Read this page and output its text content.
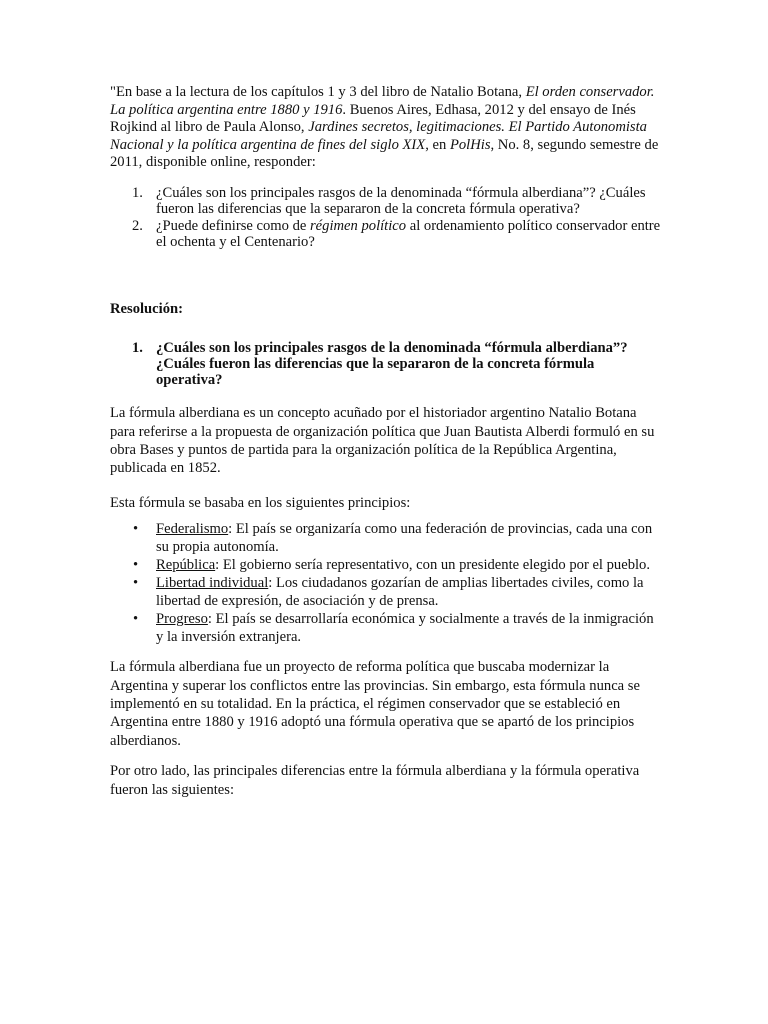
"En base a la lectura de los capítulos 1 y 3 del libro de Natalio Botana, El orden conservador. La política argentina entre 1880 y 1916. Buenos Aires, Edhasa, 2012 y del ensayo de Inés Rojkind al libro de Paula Alonso, Jardines secretos, legitimaciones. El Partido Autonomista Nacional y la política argentina de fines del siglo XIX, en PolHis, No. 8, segundo semestre de 2011, disponible online, responder:

1. ¿Cuáles son los principales rasgos de la denominada “fórmula alberdiana”? ¿Cuáles fueron las diferencias que la separaron de la concreta fórmula operativa?
2. ¿Puede definirse como de régimen político al ordenamiento político conservador entre el ochenta y el Centenario?

Resolución:

1. ¿Cuáles son los principales rasgos de la denominada “fórmula alberdiana”? ¿Cuáles fueron las diferencias que la separaron de la concreta fórmula operativa?

La fórmula alberdiana es un concepto acuñado por el historiador argentino Natalio Botana para referirse a la propuesta de organización política que Juan Bautista Alberdi formuló en su obra Bases y puntos de partida para la organización política de la República Argentina, publicada en 1852.

Esta fórmula se basaba en los siguientes principios:

• Federalismo: El país se organizaría como una federación de provincias, cada una con su propia autonomía.
• República: El gobierno sería representativo, con un presidente elegido por el pueblo.
• Libertad individual: Los ciudadanos gozarían de amplias libertades civiles, como la libertad de expresión, de asociación y de prensa.
• Progreso: El país se desarrollaría económica y socialmente a través de la inmigración y la inversión extranjera.

La fórmula alberdiana fue un proyecto de reforma política que buscaba modernizar la Argentina y superar los conflictos entre las provincias. Sin embargo, esta fórmula nunca se implementó en su totalidad. En la práctica, el régimen conservador que se estableció en Argentina entre 1880 y 1916 adoptó una fórmula operativa que se apartó de los principios alberdianos.

Por otro lado, las principales diferencias entre la fórmula alberdiana y la fórmula operativa fueron las siguientes:
